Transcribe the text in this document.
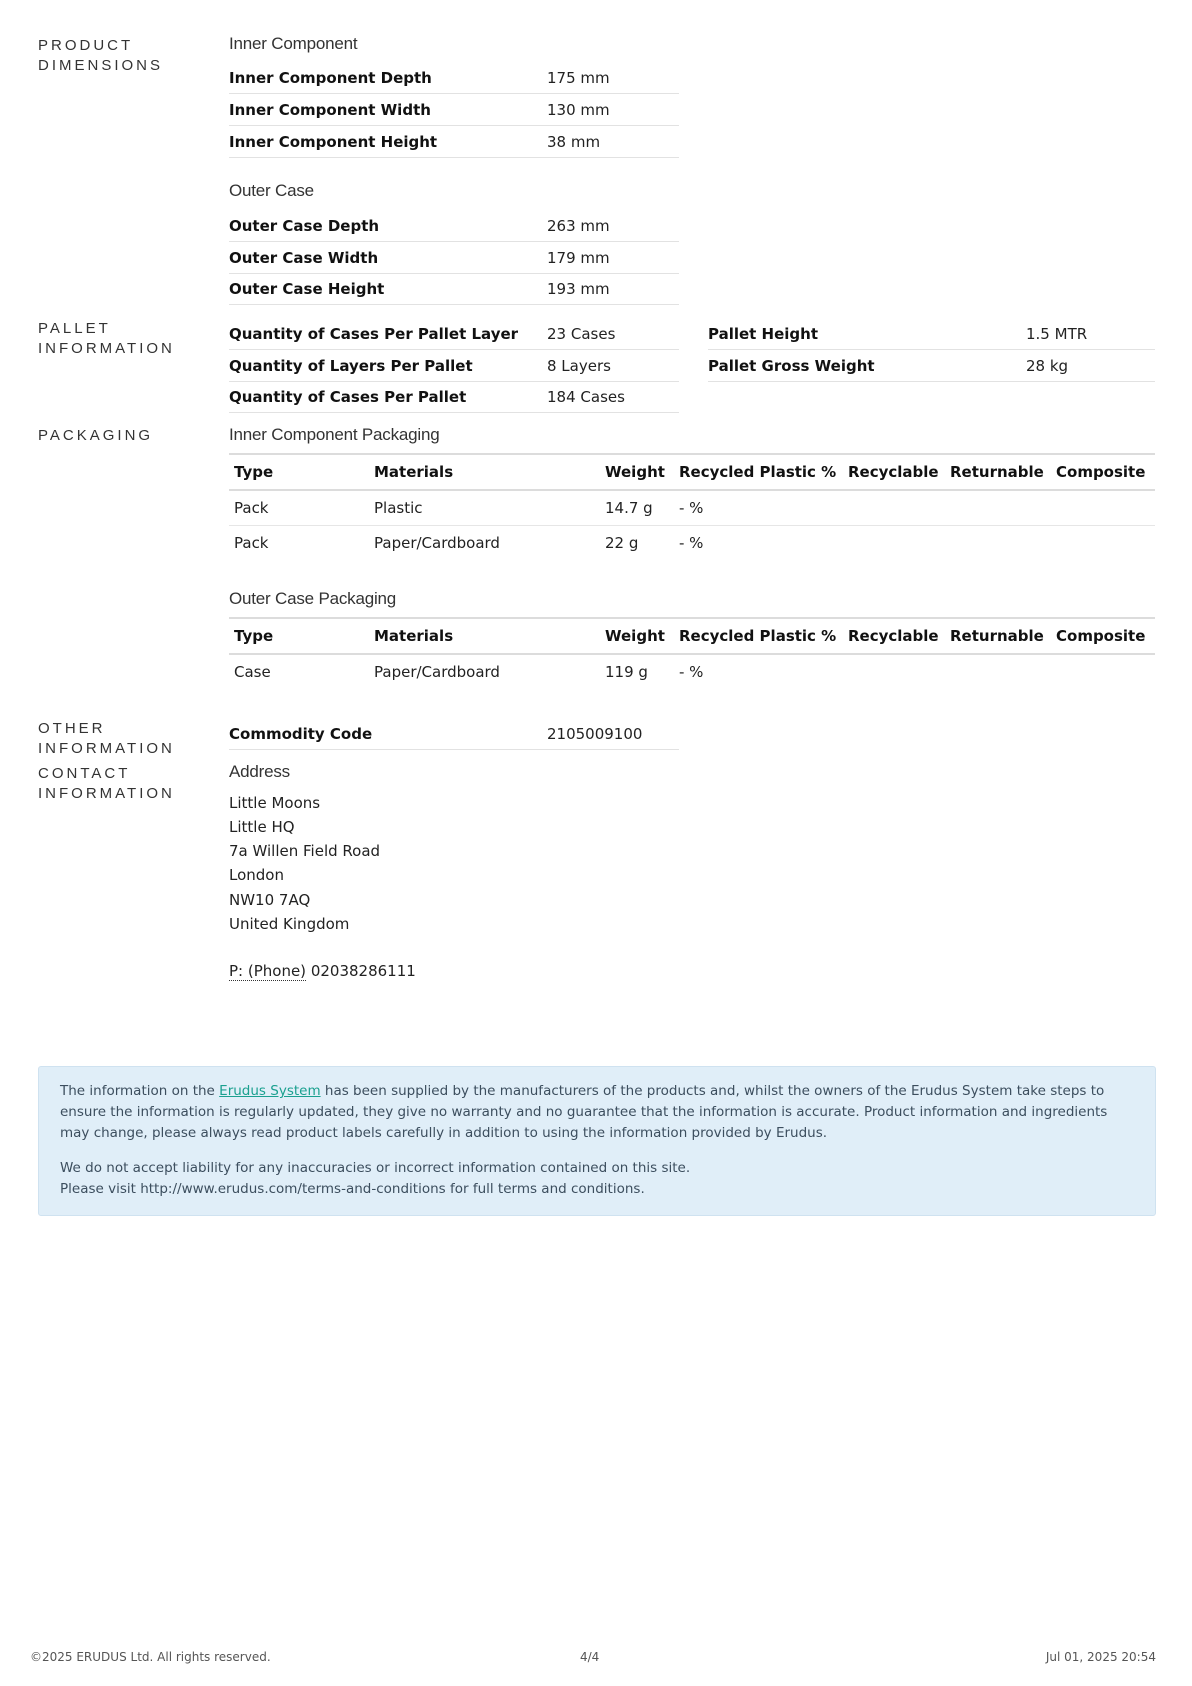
PRODUCT DIMENSIONS
PALLET INFORMATION
PACKAGING
OTHER INFORMATION
CONTACT INFORMATION
Inner Component
Inner Component Depth	175 mm
Inner Component Width	130 mm
Inner Component Height	38 mm
Outer Case
Outer Case Depth	263 mm
Outer Case Width	179 mm
Outer Case Height	193 mm
Quantity of Cases Per Pallet Layer 23 Cases
Quantity of Layers Per Pallet	8 Layers
Quantity of Cases Per Pallet	184 Cases
Pallet Height	1.5 MTR
Pallet Gross Weight	28 kg
Inner Component Packaging
Type	Materials	Weight	Recycled Plastic %	Recyclable	Returnable	Composite
Pack	Plastic	14.7 g	- %			
Pack	Paper/Cardboard	22 g	- %			
Outer Case Packaging
Type	Materials	Weight	Recycled Plastic %	Recyclable	Returnable	Composite
Case	Paper/Cardboard	119 g	- %			
Commodity Code	2105009100
Address
Little Moons
Little HQ
7a Willen Field Road
London
NW10 7AQ
United Kingdom
P: (Phone) 02038286111

The information on the Erudus System has been supplied by the manufacturers of the products and, whilst the owners of the Erudus System take steps to ensure the information is regularly updated, they give no warranty and no guarantee that the information is accurate. Product information and ingredients may change, please always read product labels carefully in addition to using the information provided by Erudus.

We do not accept liability for any inaccuracies or incorrect information contained on this site.
Please visit http://www.erudus.com/terms-and-conditions for full terms and conditions.

©2025 ERUDUS Ltd. All rights reserved.	4/4	Jul 01, 2025 20:54
